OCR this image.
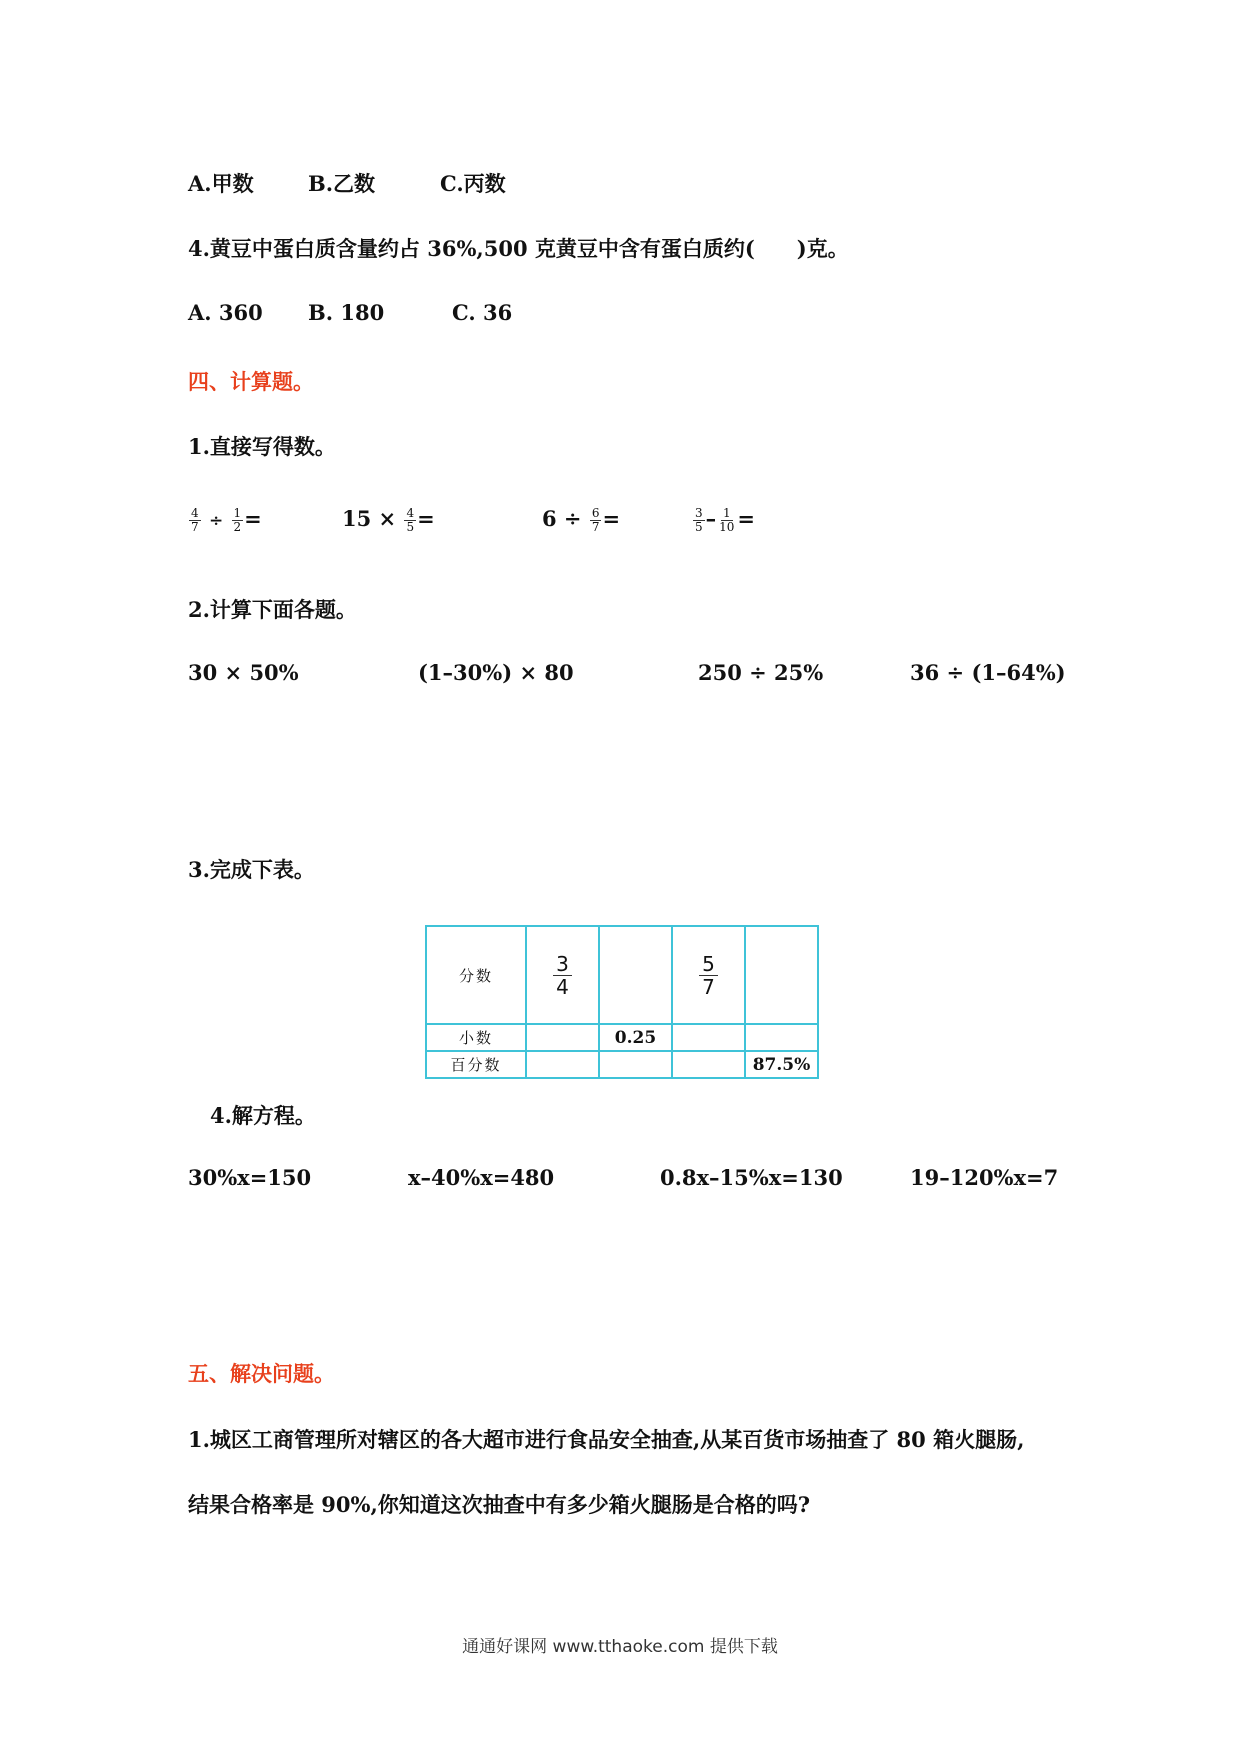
A.甲数	B.乙数	C.丙数
4.黄豆中蛋白质含量约占 36%,500 克黄豆中含有蛋白质约(　　)克。
A. 360 B. 180	C. 36
四、计算题。
1.直接写得数。
$\frac{4}{7} \div \frac{1}{2}$ =	$15 \times \frac{4}{5}$ =	$6 \div \frac{6}{7}$ =	$\frac{3}{5} - \frac{1}{10}$ =
2.计算下面各题。
30 × 50%	(1–30%) × 80	250 ÷ 25%	36 ÷ (1–64%)
3.完成下表。
分数	$\frac{3}{4}$		$\frac{5}{7}$

小数		0.25		
百分数				87.5%
4.解方程。
30%x=150	x–40%x=480	0.8x–15%x=130	19–120%x=7
五、解决问题。
1.城区工商管理所对辖区的各大超市进行食品安全抽查,从某百货市场抽查了 80 箱火腿肠,
结果合格率是 90%,你知道这次抽查中有多少箱火腿肠是合格的吗?
通通好课网 www.tthaoke.com 提供下载
